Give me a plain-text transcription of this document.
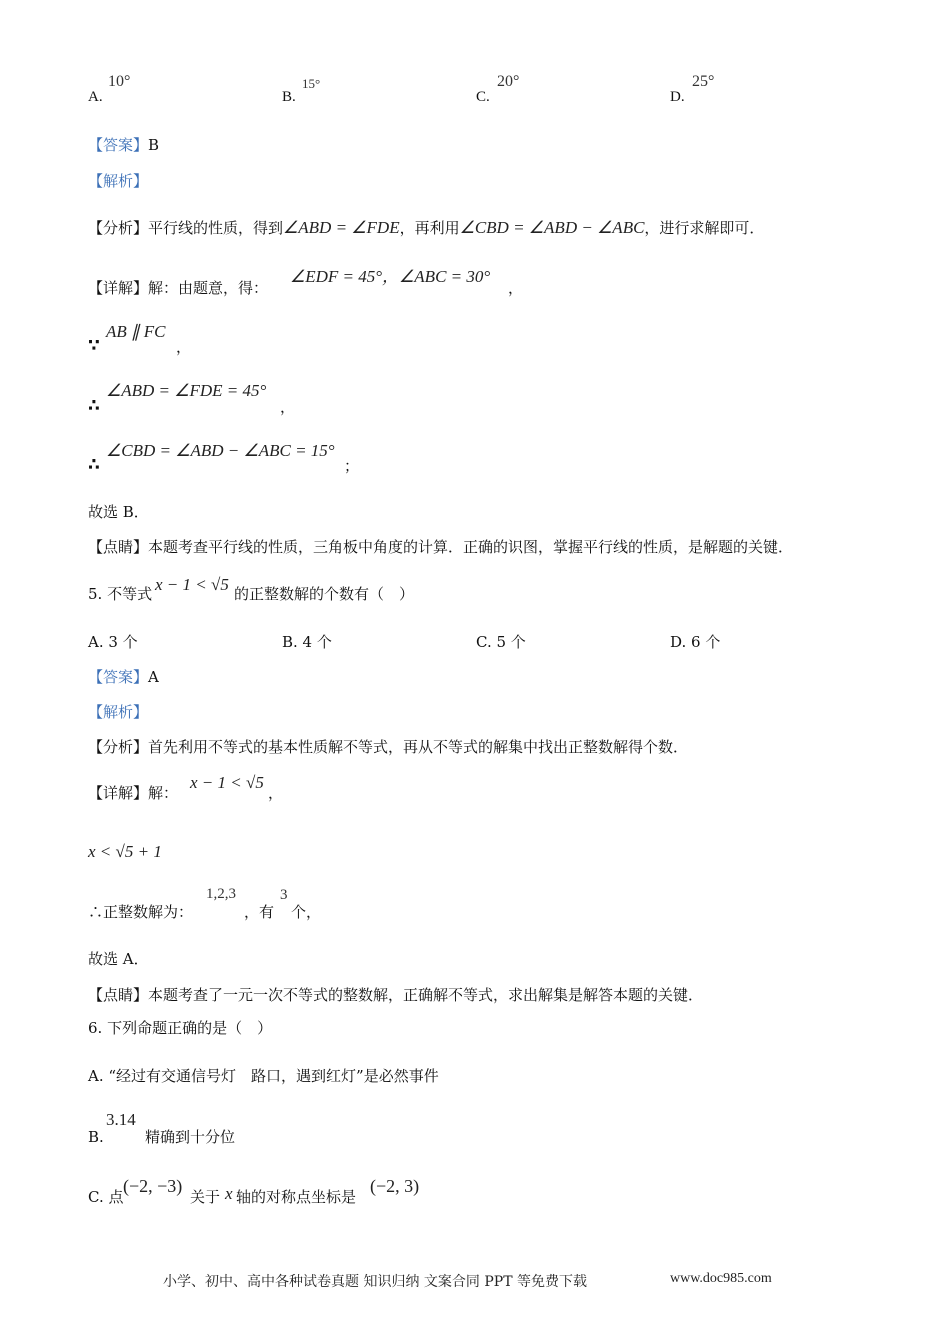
A.
10°
B.
15°
C.
20°
D.
25°
【答案】B
【解析】
【分析】平行线的性质，得到∠ABD = ∠FDE，再利用∠CBD = ∠ABD − ∠ABC，进行求解即可．
【详解】解：由题意，得：
∠EDF = 45°，∠ABC = 30°
，
∵
AB ∥ FC
，
∴
∠ABD = ∠FDE = 45°
，
∴
∠CBD = ∠ABD − ∠ABC = 15°
；
故选 B．
【点睛】本题考查平行线的性质，三角板中角度的计算．正确的识图，掌握平行线的性质，是解题的关键．
5. 不等式 x − 1 < √5 的正整数解的个数有（　）
A. 3 个	B. 4 个	C. 5 个	D. 6 个
【答案】A
【解析】
【分析】首先利用不等式的基本性质解不等式，再从不等式的解集中找出正整数解得个数．
【详解】解：
x − 1 < √5
，
x < √5 + 1
∴正整数解为：
1,2,3
，有
3
个，
故选 A．
【点睛】本题考查了一元一次不等式的整数解，正确解不等式，求出解集是解答本题的关键．
6. 下列命题正确的是（　）
A. “经过有交通信号灯　路口，遇到红灯”是必然事件
B.
3.14
精确到十分位
C. 点
(−2, −3)
关于 x 轴的对称点坐标是
(−2, 3)
小学、初中、高中各种试卷真题 知识归纳 文案合同 PPT 等免费下载	www.doc985.com
